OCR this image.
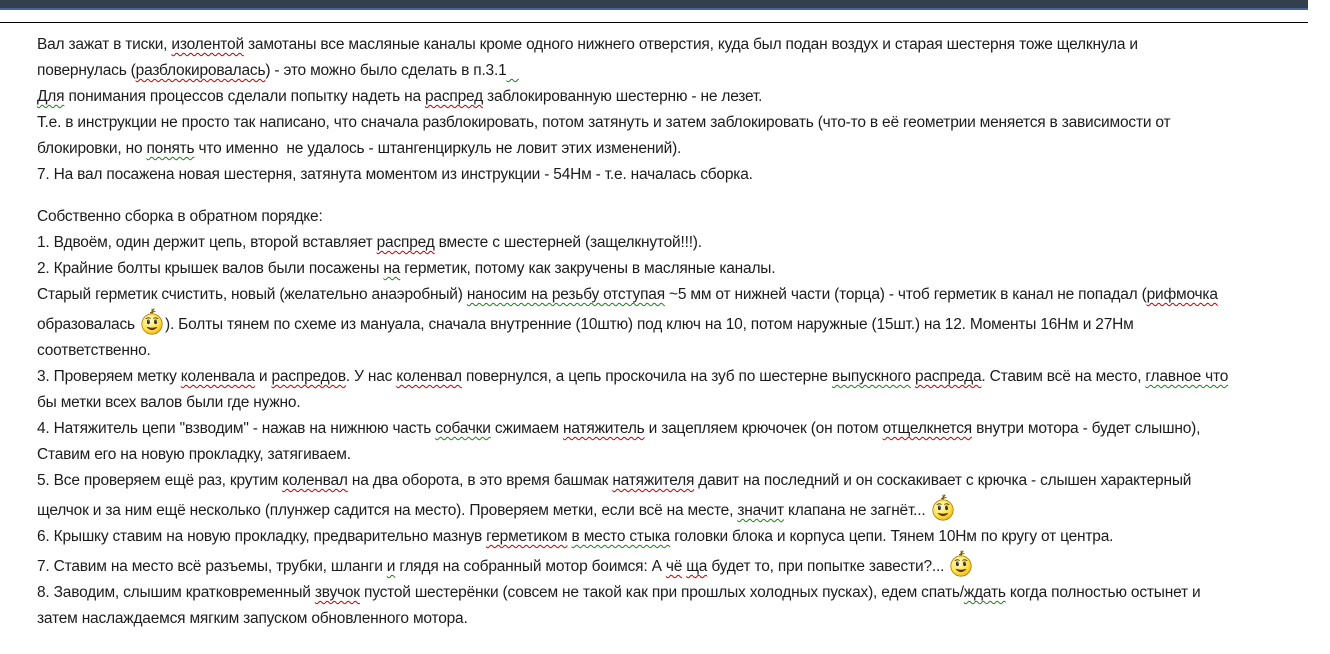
Вал зажат в тиски, изолентой замотаны все масляные каналы кроме одного нижнего отверстия, куда был подан воздух и старая шестерня тоже щелкнула и
повернулась (разблокировалась) - это можно было сделать в п.3.1
Для понимания процессов сделали попытку надеть на распред заблокированную шестерню - не лезет.
Т.е. в инструкции не просто так написано, что сначала разблокировать, потом затянуть и затем заблокировать (что-то в её геометрии меняется в зависимости от
блокировки, но понять что именно  не удалось - штангенциркуль не ловит этих изменений).
7. На вал посажена новая шестерня, затянута моментом из инструкции - 54Нм - т.е. началась сборка.
Собственно сборка в обратном порядке:
1. Вдвоём, один держит цепь, второй вставляет распред вместе с шестерней (защелкнутой!!!).
2. Крайние болты крышек валов были посажены на герметик, потому как закручены в масляные каналы.
Старый герметик счистить, новый (желательно анаэробный) наносим на резьбу отступая ~5 мм от нижней части (торца) - чтоб герметик в канал не попадал (рифмочка
образовалась ). Болты тянем по схеме из мануала, сначала внутренние (10штю) под ключ на 10, потом наружные (15шт.) на 12. Моменты 16Нм и 27Нм
соответственно.
3. Проверяем метку коленвала и распредов. У нас коленвал повернулся, а цепь проскочила на зуб по шестерне выпускного распреда. Ставим всё на место, главное что
бы метки всех валов были где нужно.
4. Натяжитель цепи "взводим" - нажав на нижнюю часть собачки сжимаем натяжитель и зацепляем крючочек (он потом отщелкнется внутри мотора - будет слышно),
Ставим его на новую прокладку, затягиваем.
5. Все проверяем ещё раз, крутим коленвал на два оборота, в это время башмак натяжителя давит на последний и он соскакивает с крючка - слышен характерный
щелчок и за ним ещё несколько (плунжер садится на место). Проверяем метки, если всё на месте, значит клапана не загнёт...
6. Крышку ставим на новую прокладку, предварительно мазнув герметиком в место стыка головки блока и корпуса цепи. Тянем 10Нм по кругу от центра.
7. Ставим на место всё разъемы, трубки, шланги и глядя на собранный мотор боимся: А чё ща будет то, при попытке завести?...
8. Заводим, слышим кратковременный звучок пустой шестерёнки (совсем не такой как при прошлых холодных пусках), едем спать/ждать когда полностью остынет и
затем наслаждаемся мягким запуском обновленного мотора.
